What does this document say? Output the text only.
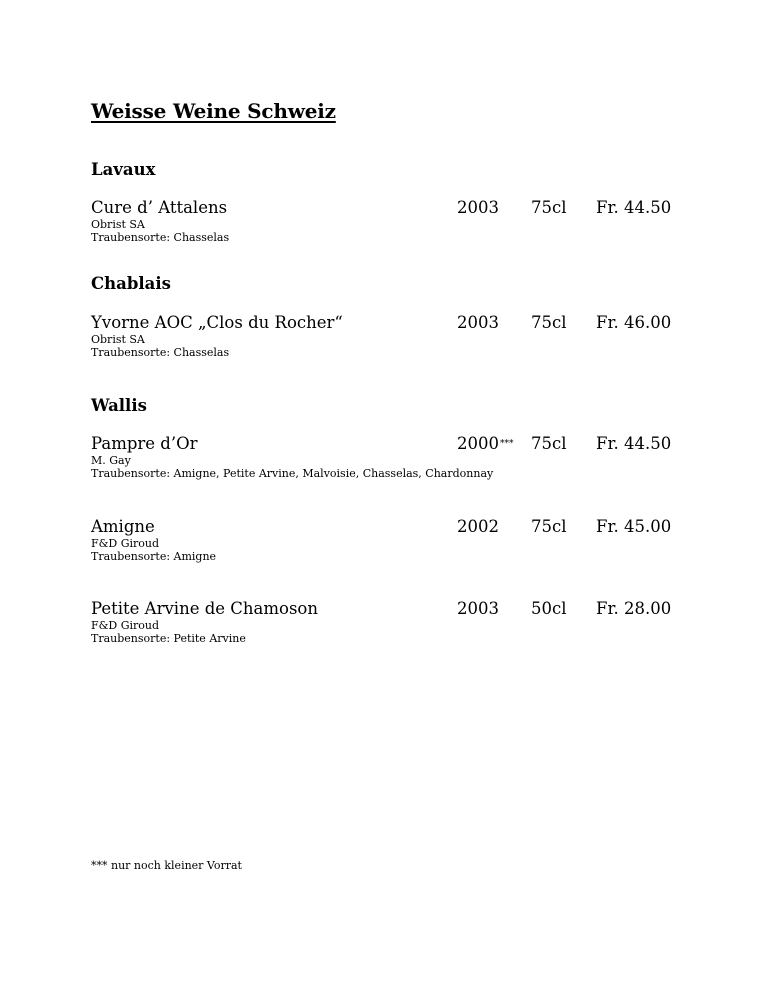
Weisse Weine Schweiz
Lavaux
Cure d’ Attalens	2003 75cl Fr. 44.50
Obrist SA
Traubensorte: Chasselas
Chablais
Yvorne AOC „Clos du Rocher“	2003 75cl Fr. 46.00
Obrist SA
Traubensorte: Chasselas
Wallis
Pampre d’Or	2000*** 75cl Fr. 44.50
M. Gay
Traubensorte: Amigne, Petite Arvine, Malvoisie, Chasselas, Chardonnay
Amigne	2002 75cl Fr. 45.00
F&D Giroud
Traubensorte: Amigne
Petite Arvine de Chamoson	2003 50cl Fr. 28.00
F&D Giroud
Traubensorte: Petite Arvine

*** nur noch kleiner Vorrat
